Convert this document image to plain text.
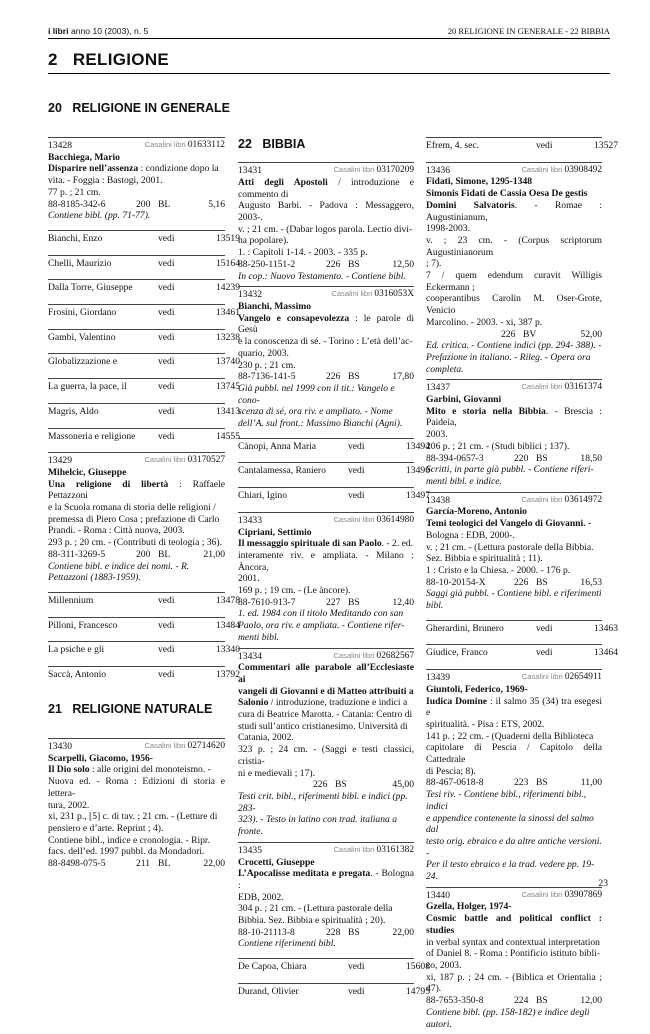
i libri anno 10 (2003), n. 5	20 RELIGIONE IN GENERALE - 22 BIBBIA
2   RELIGIONE
20   RELIGIONE IN GENERALE
21   RELIGIONE NATURALE
13428	Casalini libri 01633112
Bacchiega, Mario
Disparire nell’assenza : condizione dopo la
vita. - Foggia : Bastogi, 2001.
77 p. ; 21 cm.
88-8185-342-6	200 BL	5,16
Contiene bibl. (pp. 71-77).
Bianchi, Enzo	vedi	13519
Chelli, Maurizio	vedi	15164
Dalla Torre, Giuseppe	vedi	14239
Frosini, Giordano	vedi	13461
Gambi, Valentino	vedi	13238
Globalizzazione e	vedi	13740
La guerra, la pace, il	vedi	13745
Magris, Aldo	vedi	13413
Massoneria e religione	vedi	14555
13429	Casalini libri 03170527
Mihelcic, Giuseppe
Una religione di libertà : Raffaele Pettazzoni
e la Scuola romana di storia delle religioni /
premessa di Piero Cosa ; prefazione di Carlo
Prandi. - Roma : Città nuova, 2003.
293 p. ; 20 cm. - (Contributi di teologia ; 36).
88-311-3269-5	200 BL	21,00
Contiene bibl. e indice dei nomi. - R.
Pettazzoni (1883-1959).
Millennium	vedi	13478
Pilloni, Francesco	vedi	13484
La psiche e gli	vedi	13340
Saccà, Antonio	vedi	13792
13430	Casalini libri 02714620
Scarpelli, Giacomo, 1956-
Il Dio solo : alle origini del monoteismo. -
Nuova ed. - Roma : Edizioni di storia e lettera-
tura, 2002.
xi, 231 p., [5] c. di tav. ; 21 cm. - (Letture di
pensiero e d’arte. Reprint ; 4).
Contiene bibl., indice e cronologia. - Ripr.
facs. dell’ed. 1997 pubbl. da Mondadori.
88-8498-075-5	211 BL	22,00
22   BIBBIA
13431	Casalini libri 03170209
Atti degli Apostoli / introduzione e commento di
Augusto Barbi. - Padova : Messaggero, 2003-.
v. ; 21 cm. - (Dabar logos parola. Lectio divi-
na popolare).
1. : Capitoli 1-14. - 2003. - 335 p.
88-250-1151-2	226 BS	12,50
In cop.: Nuovo Testamento. - Contiene bibl.
13432	Casalini libri 0316053X
Bianchi, Massimo
Vangelo e consapevolezza : le parole di Gesù
e la conoscenza di sé. - Torino : L’età dell’ac-
quario, 2003.
230 p. ; 21 cm.
88-7136-141-5	226 BS	17,80
Già pubbl. nel 1999 con il tit.: Vangelo e cono-
scenza di sé, ora riv. e ampliato. - Nome
dell’A. sul front.: Massimo Bianchi (Agni).
Cànopi, Anna Maria	vedi	13494
Cantalamessa, Raniero	vedi	13496
Chiari, Igino	vedi	13497
13433	Casalini libri 03614980
Cipriani, Settimio
Il messaggio spirituale di san Paolo. - 2. ed.
interamente riv. e ampliata. - Milano : Àncora,
2001.
169 p. ; 19 cm. - (Le àncore).
88-7610-913-7	227 BS	12,40
1. ed. 1984 con il titolo Meditando con san
Paolo, ora riv. e ampliata. - Contiene rifer-
menti bibl.
13434	Casalini libri 02682567
Commentari alle parabole all’Ecclesiaste ai
vangeli di Giovanni e di Matteo attribuiti a
Salonio / introduzione, traduzione e indici a
cura di Beatrice Marotta. - Catania: Centro di
studi sull’antico cristianesimo. Università di
Catania, 2002.
323 p. ; 24 cm. - (Saggi e testi classici, cristia-
ni e medievali ; 17).
226 BS	45,00
Testi crit. bibl., riferimenti bibl. e indici (pp. 283-
323). - Testo in latino con trad. italiana a fronte.
13435	Casalini libri 03161382
Crocetti, Giuseppe
L’Apocalisse meditata e pregata. - Bologna :
EDB, 2002.
304 p. ; 21 cm. - (Lettura pastorale della
Bibbia. Sez. Bibbia e spiritualità ; 20).
88-10-21113-8	228 BS	22,00
Contiene riferimenti bibl.
De Capoa, Chiara	vedi	15608
Durand, Olivier	vedi	14795
Efrem, 4. sec.	vedi	13527
13436	Casalini libri 03908492
Fidati, Simone, 1295-1348
Simonis Fidati de Cassia Oesa De gestis
Domini Salvatoris. - Romae : Augustinianum,
1998-2003.
v. ; 23 cm. - (Corpus scriptorum Augustinianorum
; 7).
7 / quem edendum curavit Willigis Eckermann ;
cooperantibus Carolin M. Oser-Grote, Venicio
Marcolino. - 2003. - xi, 387 p.
226 BV	52,00
Ed. critica. - Contiene indici (pp. 294- 388). -
Prefazione in italiano. - Rileg. - Opera ora
completa.
13437	Casalini libri 03161374
Garbini, Giovanni
Mito e storia nella Bibbia. - Brescia : Paideia,
2003.
206 p. ; 21 cm. - (Studi biblici ; 137).
88-394-0657-3	220 BS	18,50
Scritti, in parte già pubbl. - Contiene riferi-
menti bibl. e indice.
13438	Casalini libri 03614972
García-Moreno, Antonio
Temi teologici del Vangelo di Giovanni. -
Bologna : EDB, 2000-.
v. ; 21 cm. - (Lettura pastorale della Bibbia.
Sez. Bibbia e spiritualità ; 11).
1 : Cristo e la Chiesa. - 2000. - 176 p.
88-10-20154-X	226 BS	16,53
Saggi già pubbl. - Contiene bibl. e riferimenti
bibl.
Gherardini, Brunero	vedi	13463
Giudice, Franco	vedi	13464
13439	Casalini libri 02654911
Giuntoli, Federico, 1969-
Iudica Domine : il salmo 35 (34) tra esegesi e
spiritualità. - Pisa : ETS, 2002.
141 p. ; 22 cm. - (Quaderni della Biblioteca
capitolare di Pescia / Capitolo della Cattedrale
di Pescia; 8).
88-467-0618-8	223 BS	11,00
Tesi riv. - Contiene bibl., riferimenti bibl., indici
e appendice contenente la sinossi del salmo dal
testo orig. ebraico e da altre antiche versioni. -
Per il testo ebraico e la trad. vedere pp. 19-24.
13440	Casalini libri 03907869
Gzella, Holger, 1974-
Cosmic battle and political conflict : studies
in verbal syntax and contextual interpretation
of Daniel 8. - Roma : Pontificio istituto bibli-
co, 2003.
xi, 187 p. ; 24 cm. - (Biblica et Orientalia ; 47).
88-7653-350-8	224 BS	12,00
Contiene bibl. (pp. 158-182) e indice degli
autori.
23
